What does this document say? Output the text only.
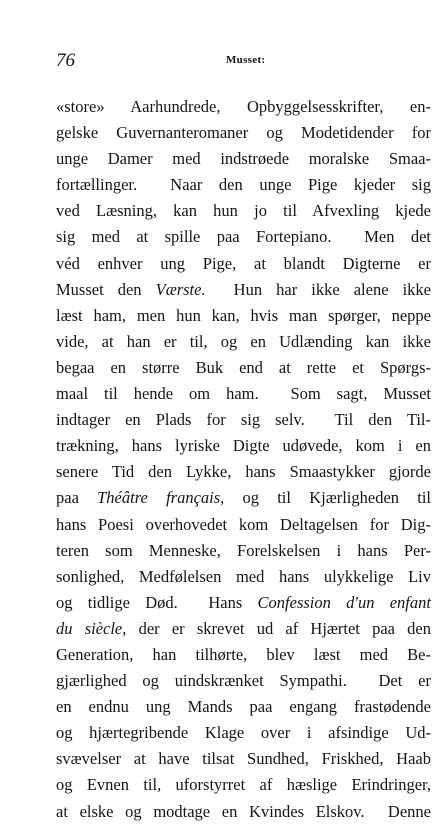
76	Musset:
«store» Aarhundrede, Opbyggelsesskrifter, en-
gelske Guvernanteromaner og Modetidender for
unge Damer med indstrøede moralske Smaa-
fortællinger.  Naar den unge Pige kjeder sig
ved Læsning, kan hun jo til Afvexling kjede
sig med at spille paa Fortepiano.  Men det
véd enhver ung Pige, at blandt Digterne er
Musset den Værste.  Hun har ikke alene ikke
læst ham, men hun kan, hvis man spørger, neppe
vide, at han er til, og en Udlænding kan ikke
begaa en større Buk end at rette et Spørgs-
maal til hende om ham.  Som sagt, Musset
indtager en Plads for sig selv.  Til den Til-
trækning, hans lyriske Digte udøvede, kom i en
senere Tid den Lykke, hans Smaastykker gjorde
paa Théâtre français, og til Kjærligheden til
hans Poesi overhovedet kom Deltagelsen for Dig-
teren som Menneske, Forelskelsen i hans Per-
sonlighed, Medfølelsen med hans ulykkelige Liv
og tidlige Død.  Hans Confession d'un enfant
du siècle, der er skrevet ud af Hjærtet paa den
Generation, han tilhørte, blev læst med Be-
gjærlighed og uindskrænket Sympathi.  Det er
en endnu ung Mands paa engang frastødende
og hjærtegribende Klage over i afsindige Ud-
svævelser at have tilsat Sundhed, Friskhed, Haab
og Evnen til, uforstyrret af hæslige Erindringer,
at elske og modtage en Kvindes Elskov.  Denne
